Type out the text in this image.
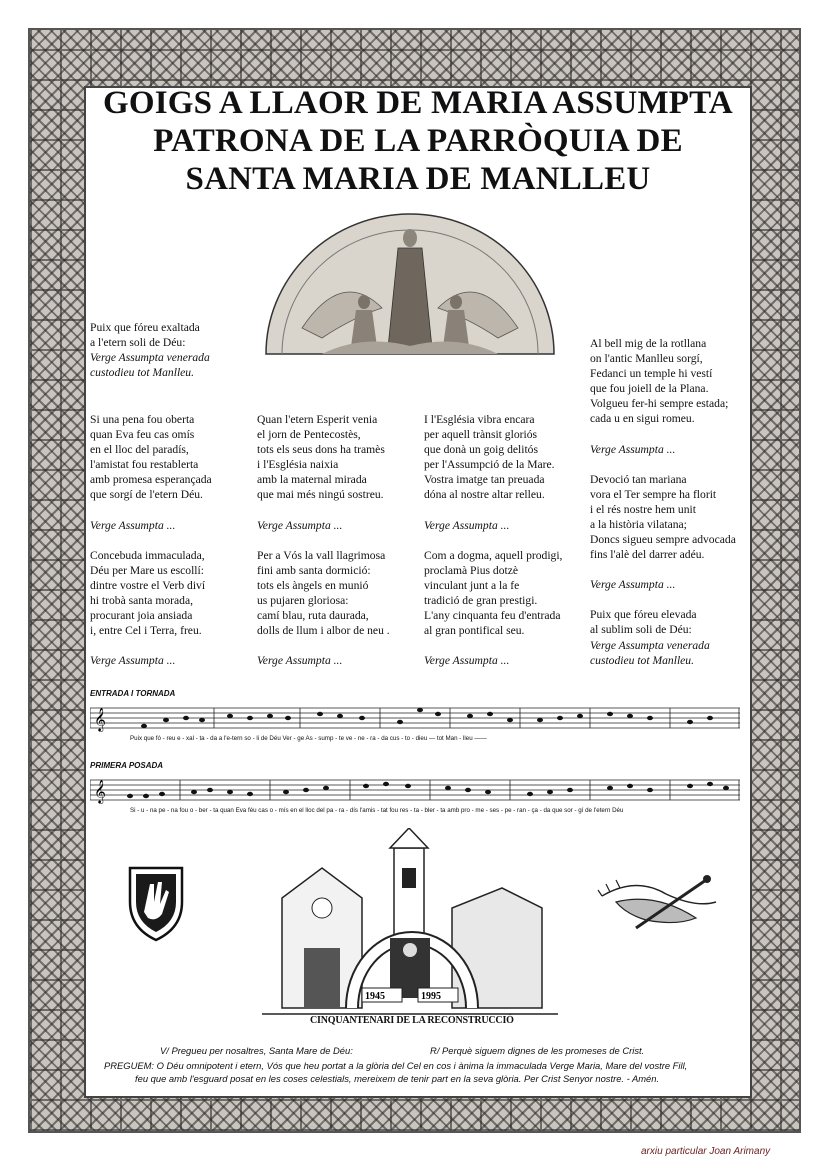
GOIGS A LLAOR DE MARIA ASSUMPTA
PATRONA DE LA PARRÒQUIA DE
SANTA MARIA DE MANLLEU
Puix que fóreu exaltada
a l'etern soli de Déu:
Verge Assumpta venerada
custodieu tot Manlleu.
Si una pena fou oberta
quan Eva feu cas omís
en el lloc del paradís,
l'amistat fou restablerta
amb promesa esperançada
que sorgí de l'etern Déu.
Verge Assumpta ...
Concebuda immaculada,
Déu per Mare us escollí:
dintre vostre el Verb diví
hi trobà santa morada,
procurant joia ansiada
i, entre Cel i Terra, freu.
Verge Assumpta ...
Quan l'etern Esperit venia
el jorn de Pentecostès,
tots els seus dons ha tramès
i l'Església naixia
amb la maternal mirada
que mai més ningú sostreu.
Verge Assumpta ...
Per a Vós la vall llagrimosa
fini amb santa dormició:
tots els àngels en munió
us pujaren gloriosa:
camí blau, ruta daurada,
dolls de llum i albor de neu .
Verge Assumpta ...
I l'Església vibra encara
per aquell trànsit gloriós
que donà un goig delitós
per l'Assumpció de la Mare.
Vostra imatge tan preuada
dóna al nostre altar relleu.
Verge Assumpta ...
Com a dogma, aquell prodigi,
proclamà Pius dotzè
vinculant junt a la fe
tradició de gran prestigi.
L'any cinquanta feu d'entrada
al gran pontifical seu.
Verge Assumpta ...
Al bell mig de la rotllana
on l'antic Manlleu sorgí,
Fedanci un temple hi vestí
que fou joiell de la Plana.
Volgueu fer-hi sempre estada;
cada u en sigui romeu.
Verge Assumpta ...
Devoció tan mariana
vora el Ter sempre ha florit
i el rés nostre hem unit
a la història vilatana;
Doncs sigueu sempre advocada
fins l'alè del darrer adéu.
Verge Assumpta ...
Puix que fóreu elevada
al sublim soli de Déu:
Verge Assumpta venerada
custodieu tot Manlleu.
ENTRADA I TORNADA
𝄞
Puix que fó - reu e - xal - ta - da a l'e-tern so - li de Déu Ver - ge As - sump - te ve - ne - ra - da cus - to - dieu — tot Man - lleu ——
PRIMERA POSADA
𝄞
Si - u - na pe - na fou o - ber - ta quan Eva féu cas o - mís en el lloc del pa - ra - dís l'amis - tat fou res - ta - bler - ta amb pro - me - ses - pe - ran - ça - da que sor - gí de l'etern Déu
1945	1995
CINQUANTENARI DE LA RECONSTRUCCIÓ
V/ Pregueu per nosaltres, Santa Mare de Déu:	R/ Perquè siguem dignes de les promeses de Crist.
PREGUEM: O Déu omnipotent i etern, Vós que heu portat a la glòria del Cel en cos i ànima la immaculada Verge Maria, Mare del vostre Fill,
feu que amb l'esguard posat en les coses celestials, mereixem de tenir part en la seva glòria. Per Crist Senyor nostre. - Amén.
arxiu particular Joan Arimany
